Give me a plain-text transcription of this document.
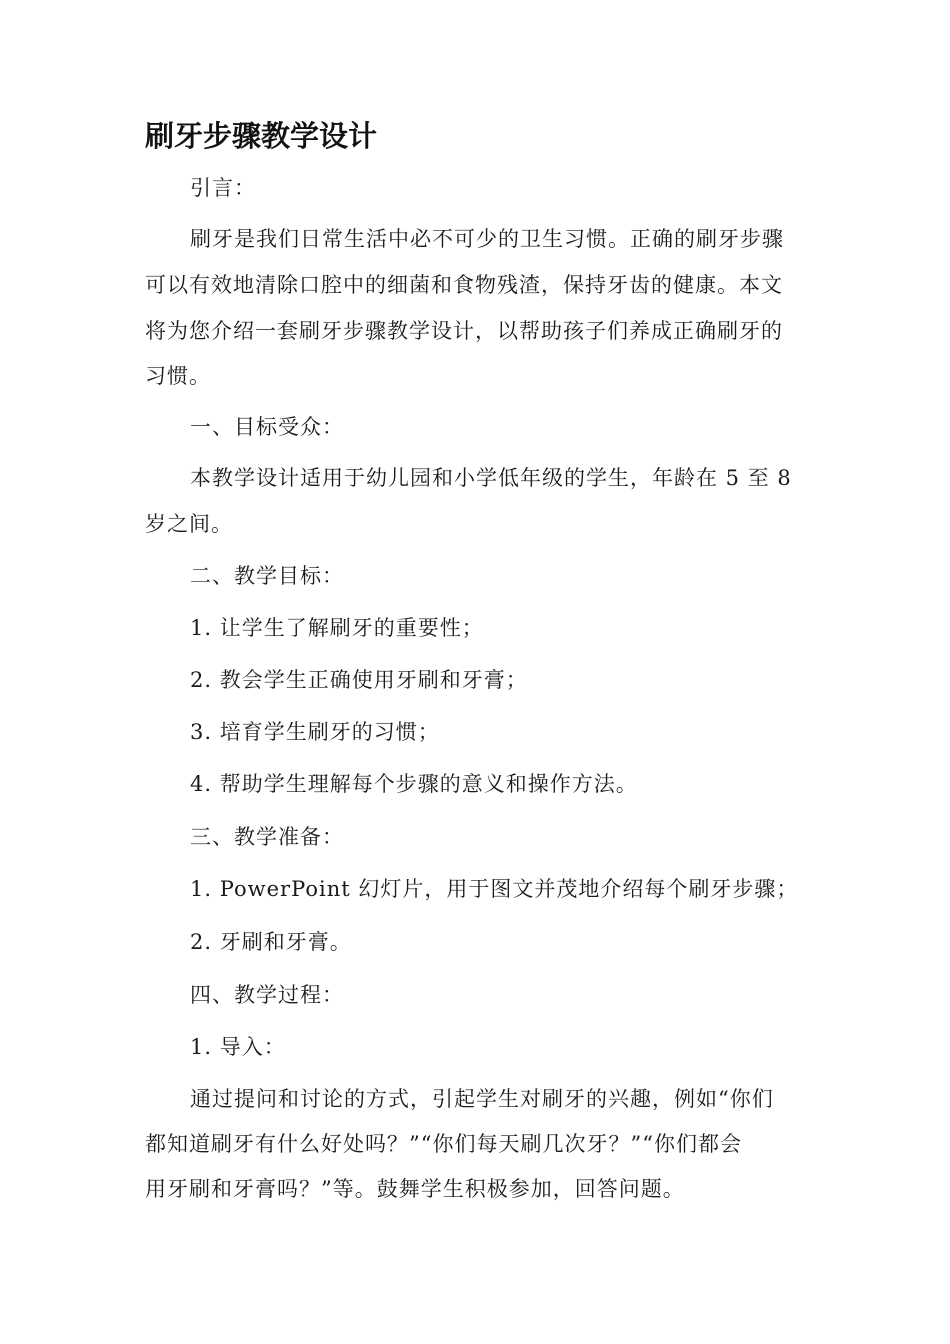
刷牙步骤教学设计
引言：
刷牙是我们日常生活中必不可少的卫生习惯。正确的刷牙步骤
可以有效地清除口腔中的细菌和食物残渣，保持牙齿的健康。本文
将为您介绍一套刷牙步骤教学设计，以帮助孩子们养成正确刷牙的
习惯。
一、目标受众：
本教学设计适用于幼儿园和小学低年级的学生，年龄在 5 至 8
岁之间。
二、教学目标：
1. 让学生了解刷牙的重要性；
2. 教会学生正确使用牙刷和牙膏；
3. 培育学生刷牙的习惯；
4. 帮助学生理解每个步骤的意义和操作方法。
三、教学准备：
1. PowerPoint 幻灯片，用于图文并茂地介绍每个刷牙步骤；
2. 牙刷和牙膏。
四、教学过程：
1. 导入：
通过提问和讨论的方式，引起学生对刷牙的兴趣，例如“你们
都知道刷牙有什么好处吗？”“你们每天刷几次牙？”“你们都会
用牙刷和牙膏吗？”等。鼓舞学生积极参加，回答问题。
